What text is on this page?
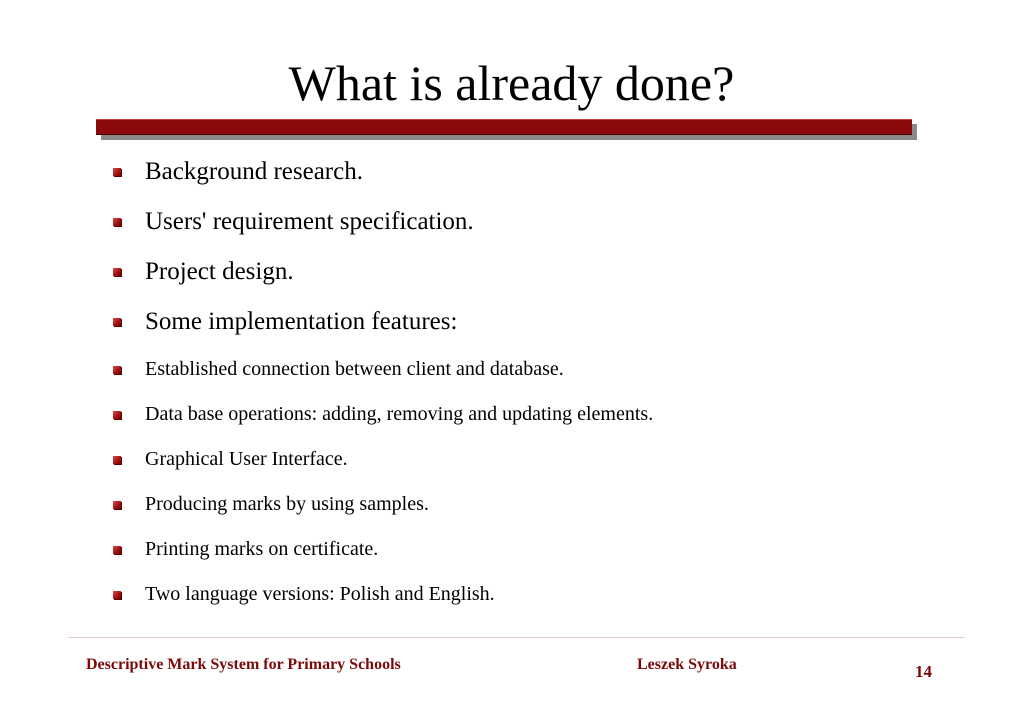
What is already done?
Background research.
Users' requirement specification.
Project design.
Some implementation features:
Established connection between client and database.
Data base operations: adding, removing and updating elements.
Graphical User Interface.
Producing marks by using samples.
Printing marks on certificate.
Two language versions: Polish and English.
Descriptive Mark System for Primary Schools	Leszek Syroka	14
